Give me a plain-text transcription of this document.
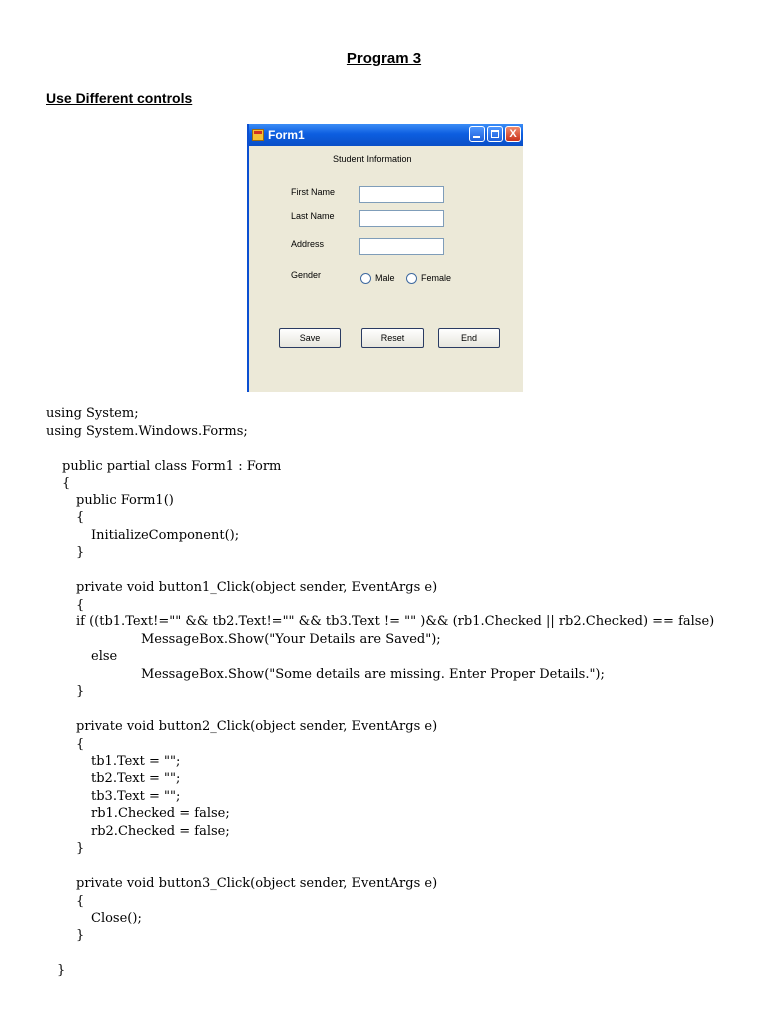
Program 3
Use Different controls
Form1	X
Student Information
First Name
Last Name
Address
Gender	Male	Female
Save	Reset	End
using System;
using System.Windows.Forms;
public partial class Form1 : Form
{
public Form1()
{
InitializeComponent();
}
private void button1_Click(object sender, EventArgs e)
{
if ((tb1.Text!="" && tb2.Text!="" && tb3.Text != "" )&& (rb1.Checked || rb2.Checked) == false)
MessageBox.Show("Your Details are Saved");
else
MessageBox.Show("Some details are missing. Enter Proper Details.");
}
private void button2_Click(object sender, EventArgs e)
{
tb1.Text = "";
tb2.Text = "";
tb3.Text = "";
rb1.Checked = false;
rb2.Checked = false;
}
private void button3_Click(object sender, EventArgs e)
{
Close();
}
}
